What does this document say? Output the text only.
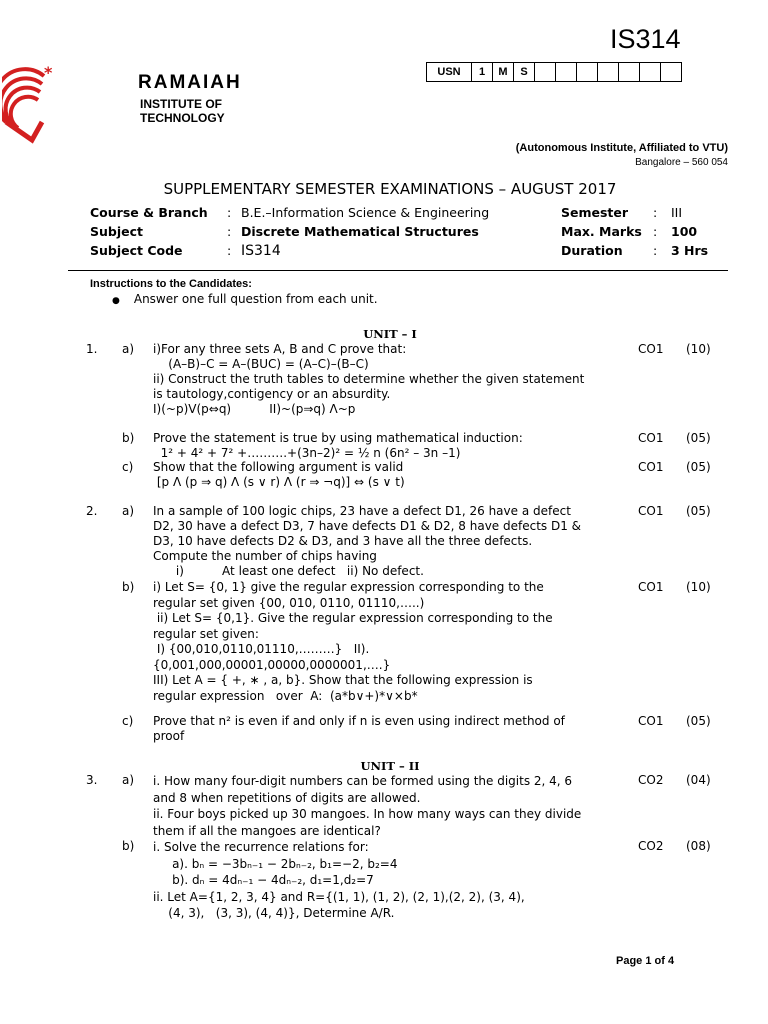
IS314
*	RAMAIAH
INSTITUTE OF
TECHNOLOGY
USN	1	M	S							
(Autonomous Institute, Affiliated to VTU)
Bangalore – 560 054
SUPPLEMENTARY SEMESTER EXAMINATIONS – AUGUST 2017
Course & Branch	:	B.E.–Information Science & Engineering	Semester	:	III
Subject	:	Discrete Mathematical Structures	Max. Marks	:	100
Subject Code	:	IS314	Duration	:	3 Hrs
Instructions to the Candidates:
● Answer one full question from each unit.
UNIT – I
1. a) i)For any three sets A, B and C prove that:
(A–B)–C = A–(BUC) = (A–C)–(B–C)
ii) Construct the truth tables to determine whether the given statement
is tautology,contigency or an absurdity.
I)(~p)V(p⇔q)          II)~(p⇒q) Λ~p
CO1 (10)
b) Prove the statement is true by using mathematical induction:
1² + 4² + 7² +……….+(3n–2)² = ½ n (6n² – 3n –1)
CO1 (05)
c) Show that the following argument is valid
[p Λ (p ⇒ q) Λ (s ∨ r) Λ (r ⇒ ¬q)] ⇔ (s ∨ t)
CO1 (05)
2. a) In a sample of 100 logic chips, 23 have a defect D1, 26 have a defect
D2, 30 have a defect D3, 7 have defects D1 & D2, 8 have defects D1 &
D3, 10 have defects D2 & D3, and 3 have all the three defects.
Compute the number of chips having
i)          At least one defect   ii) No defect.
CO1 (05)
b) i) Let S= {0, 1} give the regular expression corresponding to the
regular set given {00, 010, 0110, 01110,…..)
ii) Let S= {0,1}. Give the regular expression corresponding to the
regular set given:
I) {00,010,0110,01110,………}   II).
{0,001,000,00001,00000,0000001,….}
III) Let A = { +, ∗ , a, b}. Show that the following expression is
regular expression   over  A:  (a*b∨+)*∨×b*
CO1 (10)
c) Prove that n² is even if and only if n is even using indirect method of
proof
CO1 (05)
UNIT – II
3. a) i. How many four-digit numbers can be formed using the digits 2, 4, 6
and 8 when repetitions of digits are allowed.
ii. Four boys picked up 30 mangoes. In how many ways can they divide
them if all the mangoes are identical?
CO2 (04)
b) i. Solve the recurrence relations for:
a). bₙ = −3bₙ₋₁ − 2bₙ₋₂, b₁=−2, b₂=4
b). dₙ = 4dₙ₋₁ − 4dₙ₋₂, d₁=1,d₂=7
ii. Let A={1, 2, 3, 4} and R={(1, 1), (1, 2), (2, 1),(2, 2), (3, 4),
(4, 3),   (3, 3), (4, 4)}, Determine A/R.
CO2 (08)
Page 1 of 4
